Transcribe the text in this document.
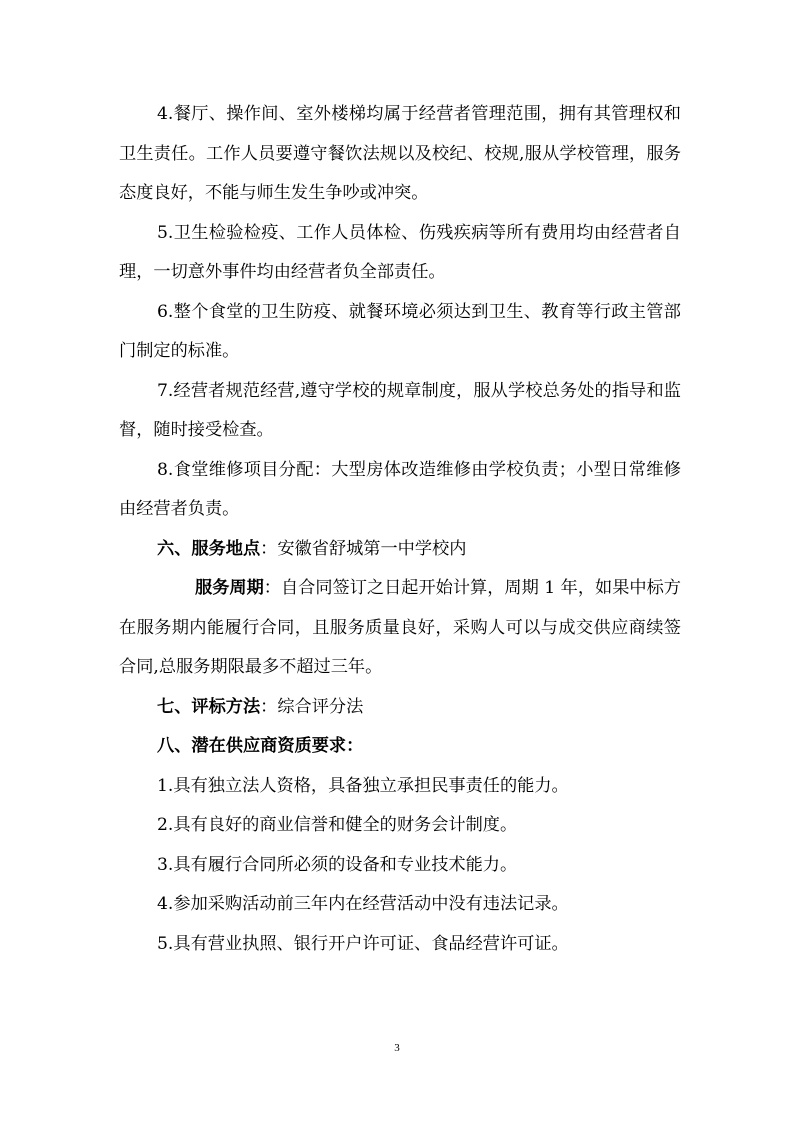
4.餐厅、操作间、室外楼梯均属于经营者管理范围，拥有其管理权和卫生责任。工作人员要遵守餐饮法规以及校纪、校规,服从学校管理，服务态度良好，不能与师生发生争吵或冲突。

5.卫生检验检疫、工作人员体检、伤残疾病等所有费用均由经营者自理，一切意外事件均由经营者负全部责任。

6.整个食堂的卫生防疫、就餐环境必须达到卫生、教育等行政主管部门制定的标准。

7.经营者规范经营,遵守学校的规章制度，服从学校总务处的指导和监督，随时接受检查。

8.食堂维修项目分配：大型房体改造维修由学校负责；小型日常维修由经营者负责。

六、服务地点：安徽省舒城第一中学校内

服务周期：自合同签订之日起开始计算，周期 1 年，如果中标方在服务期内能履行合同，且服务质量良好，采购人可以与成交供应商续签合同,总服务期限最多不超过三年。

七、评标方法：综合评分法

八、潜在供应商资质要求：

1.具有独立法人资格，具备独立承担民事责任的能力。

2.具有良好的商业信誉和健全的财务会计制度。

3.具有履行合同所必须的设备和专业技术能力。

4.参加采购活动前三年内在经营活动中没有违法记录。

5.具有营业执照、银行开户许可证、食品经营许可证。

3
